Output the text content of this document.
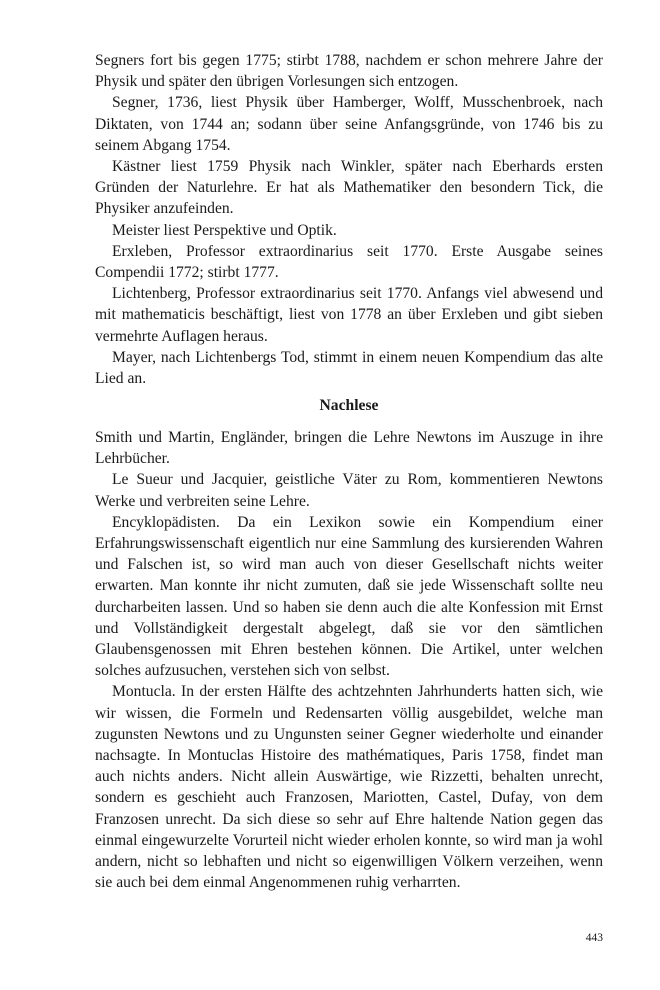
Segners fort bis gegen 1775; stirbt 1788, nachdem er schon mehrere Jahre der Physik und später den übrigen Vorlesungen sich entzogen.

Segner, 1736, liest Physik über Hamberger, Wolff, Musschenbroek, nach Diktaten, von 1744 an; sodann über seine Anfangsgründe, von 1746 bis zu seinem Abgang 1754.

Kästner liest 1759 Physik nach Winkler, später nach Eberhards ersten Gründen der Naturlehre. Er hat als Mathematiker den besondern Tick, die Physiker anzufeinden.

Meister liest Perspektive und Optik.

Erxleben, Professor extraordinarius seit 1770. Erste Ausgabe seines Compendii 1772; stirbt 1777.

Lichtenberg, Professor extraordinarius seit 1770. Anfangs viel abwesend und mit mathematicis beschäftigt, liest von 1778 an über Erxleben und gibt sieben vermehrte Auflagen heraus.

Mayer, nach Lichtenbergs Tod, stimmt in einem neuen Kompendium das alte Lied an.

Nachlese

Smith und Martin, Engländer, bringen die Lehre Newtons im Auszuge in ihre Lehrbücher.

Le Sueur und Jacquier, geistliche Väter zu Rom, kommentieren Newtons Werke und verbreiten seine Lehre.

Encyklopädisten. Da ein Lexikon sowie ein Kompendium einer Erfahrungswissenschaft eigentlich nur eine Sammlung des kursierenden Wahren und Falschen ist, so wird man auch von dieser Gesellschaft nichts weiter erwarten. Man konnte ihr nicht zumuten, daß sie jede Wissenschaft sollte neu durcharbeiten lassen. Und so haben sie denn auch die alte Konfession mit Ernst und Vollständigkeit dergestalt abgelegt, daß sie vor den sämtlichen Glaubensgenossen mit Ehren bestehen können. Die Artikel, unter welchen solches aufzusuchen, verstehen sich von selbst.

Montucla. In der ersten Hälfte des achtzehnten Jahrhunderts hatten sich, wie wir wissen, die Formeln und Redensarten völlig ausgebildet, welche man zugunsten Newtons und zu Ungunsten seiner Gegner wiederholte und einander nachsagte. In Montuclas Histoire des mathématiques, Paris 1758, findet man auch nichts anders. Nicht allein Auswärtige, wie Rizzetti, behalten unrecht, sondern es geschieht auch Franzosen, Mariotten, Castel, Dufay, von dem Franzosen unrecht. Da sich diese so sehr auf Ehre haltende Nation gegen das einmal eingewurzelte Vorurteil nicht wieder erholen konnte, so wird man ja wohl andern, nicht so lebhaften und nicht so eigenwilligen Völkern verzeihen, wenn sie auch bei dem einmal Angenommenen ruhig verharrten.

443
